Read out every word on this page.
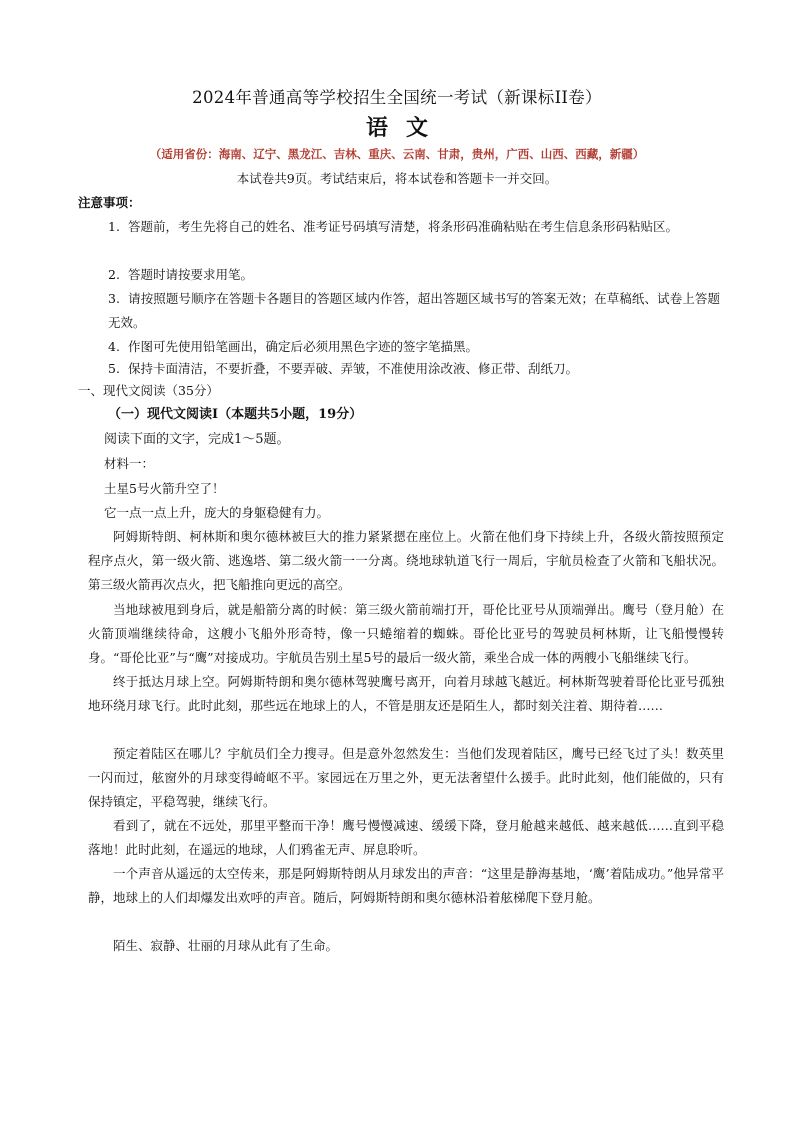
2024年普通高等学校招生全国统一考试（新课标II卷）
语文
（适用省份：海南、辽宁、黑龙江、吉林、重庆、云南、甘肃，贵州，广西、山西、西藏，新疆）
本试卷共9页。考试结束后，将本试卷和答题卡一并交回。
注意事项：
1. 答题前，考生先将自己的姓名、准考证号码填写清楚，将条形码准确粘贴在考生信息条形码粘贴区。
2. 答题时请按要求用笔。
3. 请按照题号顺序在答题卡各题目的答题区域内作答，超出答题区域书写的答案无效；在草稿纸、试卷上答题无效。
4. 作图可先使用铅笔画出，确定后必须用黑色字迹的签字笔描黑。
5. 保持卡面清洁，不要折叠，不要弄破、弄皱，不准使用涂改液、修正带、刮纸刀。
一、现代文阅读（35分）
（一）现代文阅读Ⅰ（本题共5小题，19分）
阅读下面的文字，完成1～5题。
材料一：
土星5号火箭升空了！
它一点一点上升，庞大的身躯稳健有力。
阿姆斯特朗、柯林斯和奥尔德林被巨大的推力紧紧摁在座位上。火箭在他们身下持续上升，各级火箭按照预定程序点火，第一级火箭、逃逸塔、第二级火箭一一分离。绕地球轨道飞行一周后，宇航员检查了火箭和飞船状况。第三级火箭再次点火，把飞船推向更远的高空。
当地球被甩到身后，就是船箭分离的时候：第三级火箭前端打开，哥伦比亚号从顶端弹出。鹰号（登月舱）在火箭顶端继续待命，这艘小飞船外形奇特，像一只蜷缩着的蜘蛛。哥伦比亚号的驾驶员柯林斯，让飞船慢慢转身。“哥伦比亚”与“鹰”对接成功。宇航员告别土星5号的最后一级火箭，乘坐合成一体的两艘小飞船继续飞行。
终于抵达月球上空。阿姆斯特朗和奥尔德林驾驶鹰号离开，向着月球越飞越近。柯林斯驾驶着哥伦比亚号孤独地环绕月球飞行。此时此刻，那些远在地球上的人，不管是朋友还是陌生人，都时刻关注着、期待着……
预定着陆区在哪儿？宇航员们全力搜寻。但是意外忽然发生：当他们发现着陆区，鹰号已经飞过了头！数英里一闪而过，舷窗外的月球变得崎岖不平。家园远在万里之外，更无法奢望什么援手。此时此刻，他们能做的，只有保持镇定，平稳驾驶，继续飞行。
看到了，就在不远处，那里平整而干净！鹰号慢慢减速、缓缓下降，登月舱越来越低、越来越低……直到平稳落地！此时此刻，在遥远的地球，人们鸦雀无声、屏息聆听。
一个声音从遥远的太空传来，那是阿姆斯特朗从月球发出的声音：“这里是静海基地，‘鹰’着陆成功。”他异常平静，地球上的人们却爆发出欢呼的声音。随后，阿姆斯特朗和奥尔德林沿着舷梯爬下登月舱。
陌生、寂静、壮丽的月球从此有了生命。
